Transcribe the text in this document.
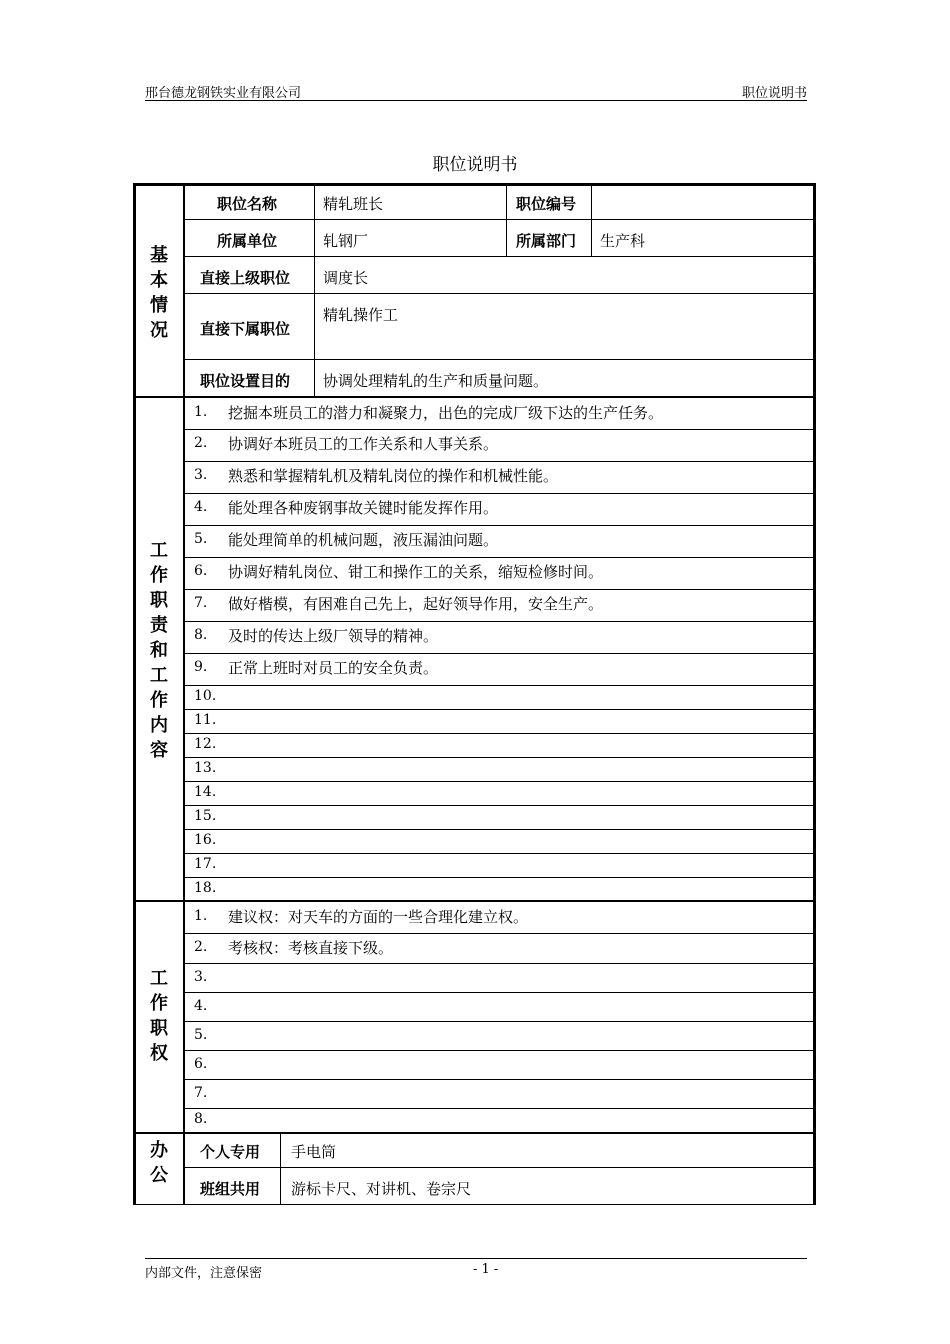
邢台德龙钢铁实业有限公司	职位说明书
职位说明书
基本情况
职位名称	精轧班长	职位编号
所属单位	轧钢厂	所属部门 生产科
直接上级职位 调度长
直接下属职位
精轧操作工
职位设置目的 协调处理精轧的生产和质量问题。
工作职责和工作内容
1. 挖掘本班员工的潜力和凝聚力，出色的完成厂级下达的生产任务。
2. 协调好本班员工的工作关系和人事关系。
3. 熟悉和掌握精轧机及精轧岗位的操作和机械性能。
4. 能处理各种废钢事故关键时能发挥作用。
5. 能处理简单的机械问题，液压漏油问题。
6. 协调好精轧岗位、钳工和操作工的关系，缩短检修时间。
7. 做好楷模，有困难自己先上，起好领导作用，安全生产。
8. 及时的传达上级厂领导的精神。
9. 正常上班时对员工的安全负责。
10.
11.
12.
13.
14.
15.
16.
17.
18.
工作职权
1. 建议权：对天车的方面的一些合理化建立权。
2. 考核权：考核直接下级。
3.
4.
5.
6.
7.
8.
办公
个人专用 手电筒
班组共用 游标卡尺、对讲机、卷宗尺
内部文件，注意保密	- 1 -
